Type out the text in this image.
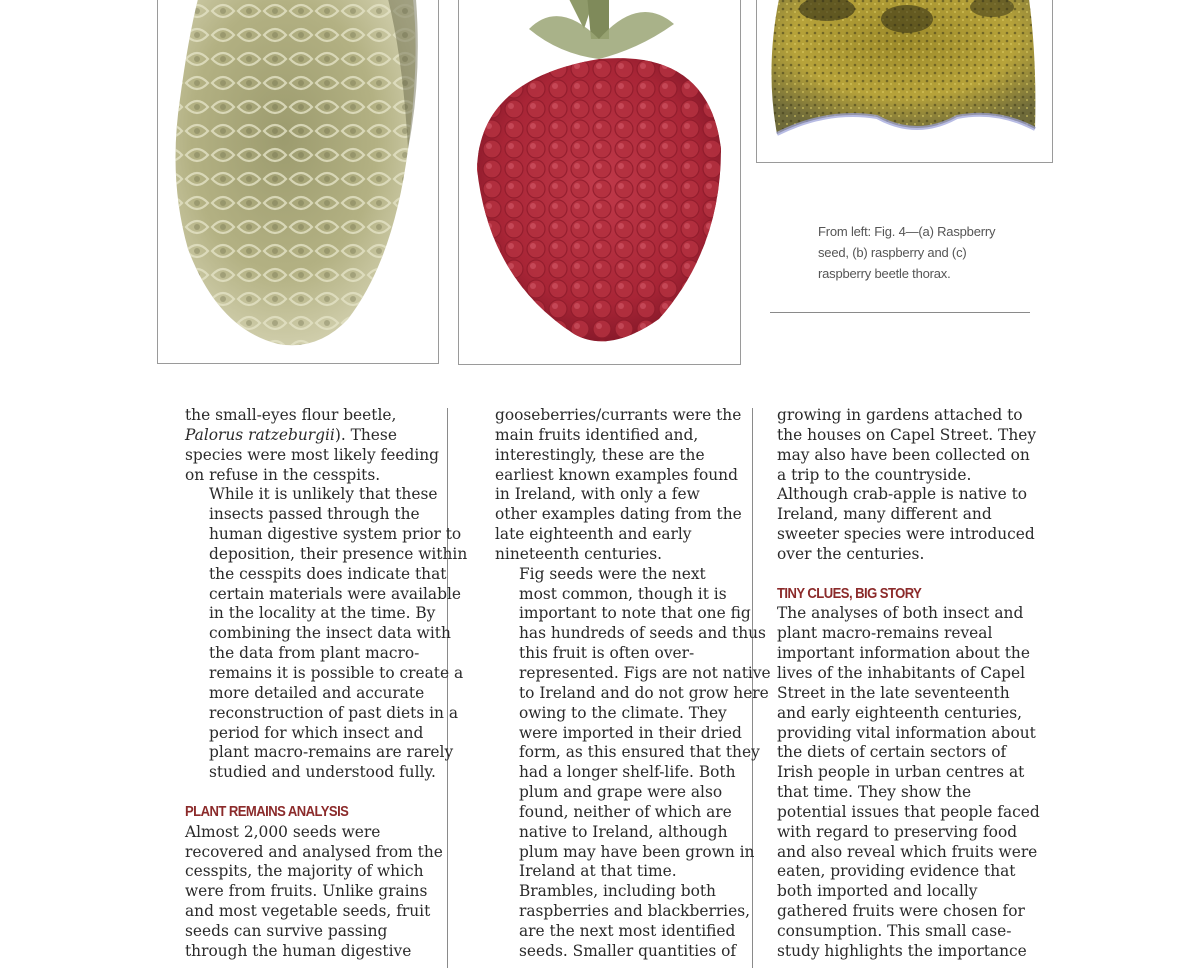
From left: Fig. 4—(a) Raspberry
seed, (b) raspberry and (c)
raspberry beetle thorax.

the small-eyes flour beetle,
Palorus ratzeburgii). These
species were most likely feeding
on refuse in the cesspits.

While it is unlikely that these
insects passed through the
human digestive system prior to
deposition, their presence within
the cesspits does indicate that
certain materials were available
in the locality at the time. By
combining the insect data with
the data from plant macro-
remains it is possible to create a
more detailed and accurate
reconstruction of past diets in a
period for which insect and
plant macro-remains are rarely
studied and understood fully.

PLANT REMAINS ANALYSIS

Almost 2,000 seeds were
recovered and analysed from the
cesspits, the majority of which
were from fruits. Unlike grains
and most vegetable seeds, fruit
seeds can survive passing
through the human digestive

gooseberries/currants were the
main fruits identified and,
interestingly, these are the
earliest known examples found
in Ireland, with only a few
other examples dating from the
late eighteenth and early
nineteenth centuries.

Fig seeds were the next
most common, though it is
important to note that one fig
has hundreds of seeds and thus
this fruit is often over-
represented. Figs are not native
to Ireland and do not grow here
owing to the climate. They
were imported in their dried
form, as this ensured that they
had a longer shelf-life. Both
plum and grape were also
found, neither of which are
native to Ireland, although
plum may have been grown in
Ireland at that time.

Brambles, including both
raspberries and blackberries,
are the next most identified
seeds. Smaller quantities of

growing in gardens attached to
the houses on Capel Street. They
may also have been collected on
a trip to the countryside.
Although crab-apple is native to
Ireland, many different and
sweeter species were introduced
over the centuries.

TINY CLUES, BIG STORY

The analyses of both insect and
plant macro-remains reveal
important information about the
lives of the inhabitants of Capel
Street in the late seventeenth
and early eighteenth centuries,
providing vital information about
the diets of certain sectors of
Irish people in urban centres at
that time. They show the
potential issues that people faced
with regard to preserving food
and also reveal which fruits were
eaten, providing evidence that
both imported and locally
gathered fruits were chosen for
consumption. This small case-
study highlights the importance
